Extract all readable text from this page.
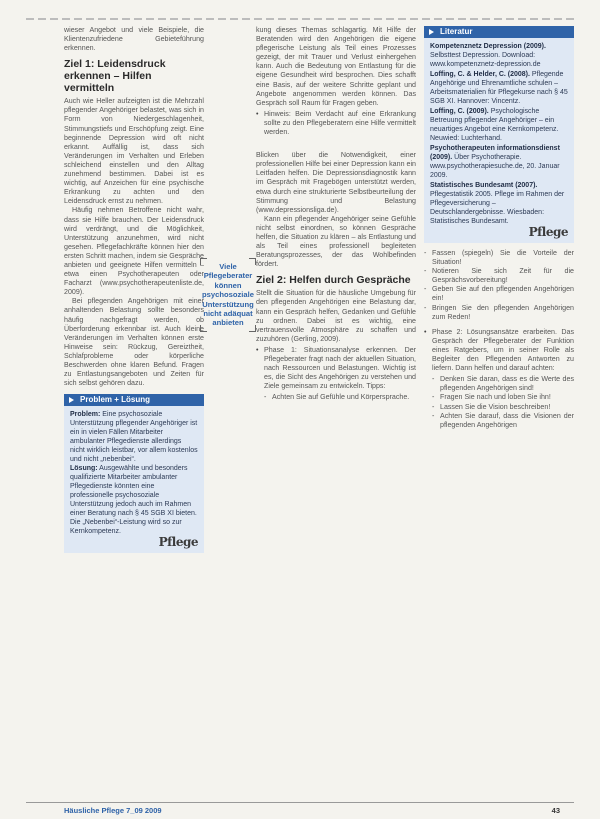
wieser Angebot und viele Beispiele, die Klientenzufriedene Gebieteführung erkennen.

Ziel 1: Leidensdruck erkennen – Hilfen vermitteln

Auch wie Heller aufzeigten ist die Mehrzahl pflegender Angehöriger belastet, was sich in Form von Niedergeschlagenheit, Stimmungstiefs und Erschöpfung zeigt. Eine beginnende Depression wird oft nicht erkannt. Auffällig ist, dass sich Veränderungen im Verhalten und Erleben schleichend einstellen und den Alltag zunehmend bestimmen. Dabei ist es wichtig, auf Anzeichen für eine psychische Erkrankung zu achten und den Leidensdruck ernst zu nehmen.

Häufig nehmen Betroffene nicht wahr, dass sie Hilfe brauchen. Der Leidensdruck wird verdrängt, und die Möglichkeit, Unterstützung anzunehmen, wird nicht gesehen. Pflegefachkräfte können hier den ersten Schritt machen, indem sie Gespräche anbieten und geeignete Hilfen vermitteln – etwa einen Psychotherapeuten oder Facharzt (www.psychotherapeutenliste.de, 2009).

Bei pflegenden Angehörigen mit einer anhaltenden Belastung sollte besonders häufig nachgefragt werden, ob Überforderung erkennbar ist. Auch kleine Veränderungen im Verhalten können erste Hinweise sein: Rückzug, Gereiztheit, Schlafprobleme oder körperliche Beschwerden ohne klaren Befund. Fragen zu Entlastungsangeboten und Zeiten für sich selbst gehören dazu.

Problem + Lösung

Problem: Eine psychosoziale Unterstützung pflegender Angehöriger ist ein in vielen Fällen Mitarbeiter ambulanter Pflegedienste allerdings nicht wirklich leistbar, vor allem kostenlos und nicht „nebenbei“.

Lösung: Ausgewählte und besonders qualifizierte Mitarbeiter ambulanter Pflegedienste könnten eine professionelle psychosoziale Unterstützung jedoch auch im Rahmen einer Beratung nach § 45 SGB XI bieten. Die „Nebenbei“-Leistung wird so zur Kernkompetenz.

Pflege
Viele Pflegeberater können psychosoziale Unterstützung nicht adäquat anbieten

kung dieses Themas schlagartig. Mit Hilfe der Beratenden wird den Angehörigen die eigene pflegerische Leistung als Teil eines Prozesses gezeigt, der mit Trauer und Verlust einhergehen kann. Auch die Bedeutung von Entlastung für die eigene Gesundheit wird besprochen. Dies schafft eine Basis, auf der weitere Schritte geplant und Angebote angenommen werden können. Das Gespräch soll Raum für Fragen geben.

• Hinweis: Beim Verdacht auf eine Erkrankung sollte zu den Pflegeberatern eine Hilfe vermittelt werden.

Blicken über die Notwendigkeit, einer professionellen Hilfe bei einer Depression kann ein Leitfaden helfen. Die Depressionsdiagnostik kann im Gespräch mit Fragebögen unterstützt werden, etwa durch eine strukturierte Selbstbeurteilung der Stimmung und Belastung (www.depressionsliga.de).

Kann ein pflegender Angehöriger seine Gefühle nicht selbst einordnen, so können Gespräche helfen, die Situation zu klären – als Entlastung und als Teil eines professionell begleiteten Beratungsprozesses, der das Wohlbefinden fördert.

Ziel 2: Helfen durch Gespräche

Stellt die Situation für die häusliche Umgebung für den pflegenden Angehörigen eine Belastung dar, kann ein Gespräch helfen, Gedanken und Gefühle zu ordnen. Dabei ist es wichtig, eine vertrauensvolle Atmosphäre zu schaffen und zuzuhören (Gerling, 2009).

• Phase 1: Situationsanalyse erkennen. Der Pflegeberater fragt nach der aktuellen Situation, nach Ressourcen und Belastungen. Wichtig ist es, die Sicht des Angehörigen zu verstehen und Ziele gemeinsam zu entwickeln. Tipps:
- Achten Sie auf Gefühle und Körpersprache.
Literatur
Kompetenznetz Depression (2009). Selbsttest Depression. Download: www.kompetenznetz-depression.de
Loffing, C. & Helder, C. (2008). Pflegende Angehörige und Ehrenamtliche schulen – Arbeitsmaterialien für Pflegekurse nach § 45 SGB XI. Hannover: Vincentz.
Loffing, C. (2009). Psychologische Betreuung pflegender Angehöriger – ein neuartiges Angebot eine Kernkompetenz. Neuwied: Luchterhand.
Psychotherapeuten informationsdienst (2009). Über Psychotherapie. www.psychotherapiesuche.de, 20. Januar 2009.
Statistisches Bundesamt (2007). Pflegestatistik 2005. Pflege im Rahmen der Pflegeversicherung – Deutschlandergebnisse. Wiesbaden: Statistisches Bundesamt.
Pflege
- Fassen (spiegeln) Sie die Vorteile der Situation!
- Notieren Sie sich Zeit für die Gesprächsvorbereitung!
- Geben Sie auf den pflegenden Angehörigen ein!
- Bringen Sie den pflegenden Angehörigen zum Reden!
• Phase 2: Lösungsansätze erarbeiten. Das Gespräch der Pflegeberater der Funktion eines Ratgebers, um in seiner Rolle als Begleiter den Pflegenden Antworten zu liefern. Dann helfen und darauf achten:
- Denken Sie daran, dass es die Werte des pflegenden Angehörigen sind!
- Fragen Sie nach und loben Sie ihn!
- Lassen Sie die Vision beschreiben!
- Achten Sie darauf, dass die Visionen der pflegenden Angehörigen
Häusliche Pflege 7_09 2009	43
